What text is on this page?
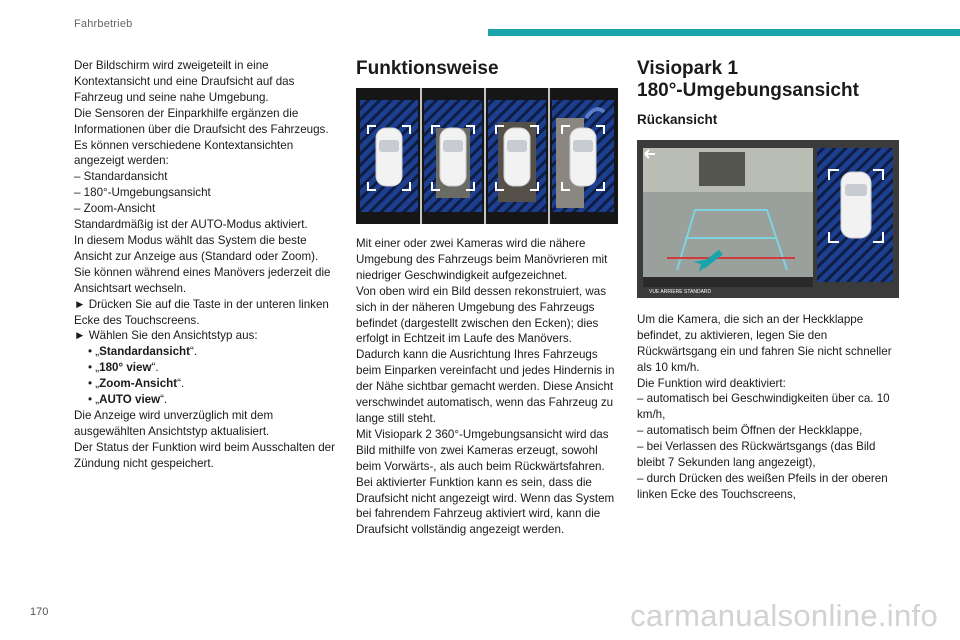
Fahrbetrieb

Der Bildschirm wird zweigeteilt in eine Kontextansicht und eine Draufsicht auf das Fahrzeug und seine nahe Umgebung.

Die Sensoren der Einparkhilfe ergänzen die Informationen über die Draufsicht des Fahrzeugs.

Es können verschiedene Kontextansichten angezeigt werden:

– Standardansicht

– 180°-Umgebungsansicht

– Zoom-Ansicht

Standardmäßig ist der AUTO-Modus aktiviert.

In diesem Modus wählt das System die beste Ansicht zur Anzeige aus (Standard oder Zoom).

Sie können während eines Manövers jederzeit die Ansichtsart wechseln.

► Drücken Sie auf die Taste in der unteren linken Ecke des Touchscreens.

► Wählen Sie den Ansichtstyp aus:

• „Standardansicht“.

• „180° view“.

• „Zoom-Ansicht“.

• „AUTO view“.

Die Anzeige wird unverzüglich mit dem ausgewählten Ansichtstyp aktualisiert.

Der Status der Funktion wird beim Ausschalten der Zündung nicht gespeichert.

Funktionsweise

Mit einer oder zwei Kameras wird die nähere Umgebung des Fahrzeugs beim Manövrieren mit niedriger Geschwindigkeit aufgezeichnet.

Von oben wird ein Bild dessen rekonstruiert, was sich in der näheren Umgebung des Fahrzeugs befindet (dargestellt zwischen den Ecken); dies erfolgt in Echtzeit im Laufe des Manövers.

Dadurch kann die Ausrichtung Ihres Fahrzeugs beim Einparken vereinfacht und jedes Hindernis in der Nähe sichtbar gemacht werden. Diese Ansicht verschwindet automatisch, wenn das Fahrzeug zu lange still steht.

Mit Visiopark 2 360°-Umgebungsansicht wird das Bild mithilfe von zwei Kameras erzeugt, sowohl beim Vorwärts-, als auch beim Rückwärtsfahren.

Bei aktivierter Funktion kann es sein, dass die Draufsicht nicht angezeigt wird. Wenn das System bei fahrendem Fahrzeug aktiviert wird, kann die Draufsicht vollständig angezeigt werden.

Visiopark 1
180°-Umgebungsansicht
Rückansicht
VUE ARRIERE STANDARD

Um die Kamera, die sich an der Heckklappe befindet, zu aktivieren, legen Sie den Rückwärtsgang ein und fahren Sie nicht schneller als 10 km/h.

Die Funktion wird deaktiviert:

– automatisch bei Geschwindigkeiten über ca. 10 km/h,

– automatisch beim Öffnen der Heckklappe,

– bei Verlassen des Rückwärtsgangs (das Bild bleibt 7 Sekunden lang angezeigt),

– durch Drücken des weißen Pfeils in der oberen linken Ecke des Touchscreens,

170	carmanualsonline.info
